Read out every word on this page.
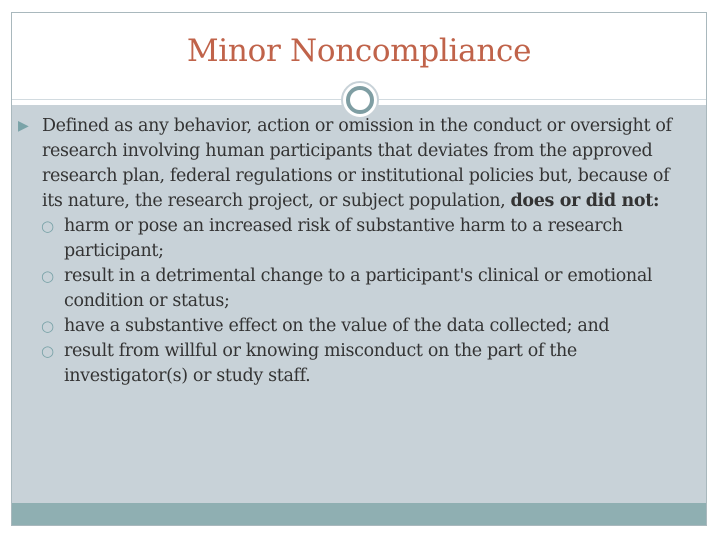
Minor Noncompliance
▶︎ Defined as any behavior, action or omission in the conduct or oversight of research involving human participants that deviates from the approved research plan, federal regulations or institutional policies but, because of its nature, the research project, or subject population, does or did not:
○ harm or pose an increased risk of substantive harm to a research participant;
○ result in a detrimental change to a participant's clinical or emotional condition or status;
○ have a substantive effect on the value of the data collected; and
○ result from willful or knowing misconduct on the part of the investigator(s) or study staff.
